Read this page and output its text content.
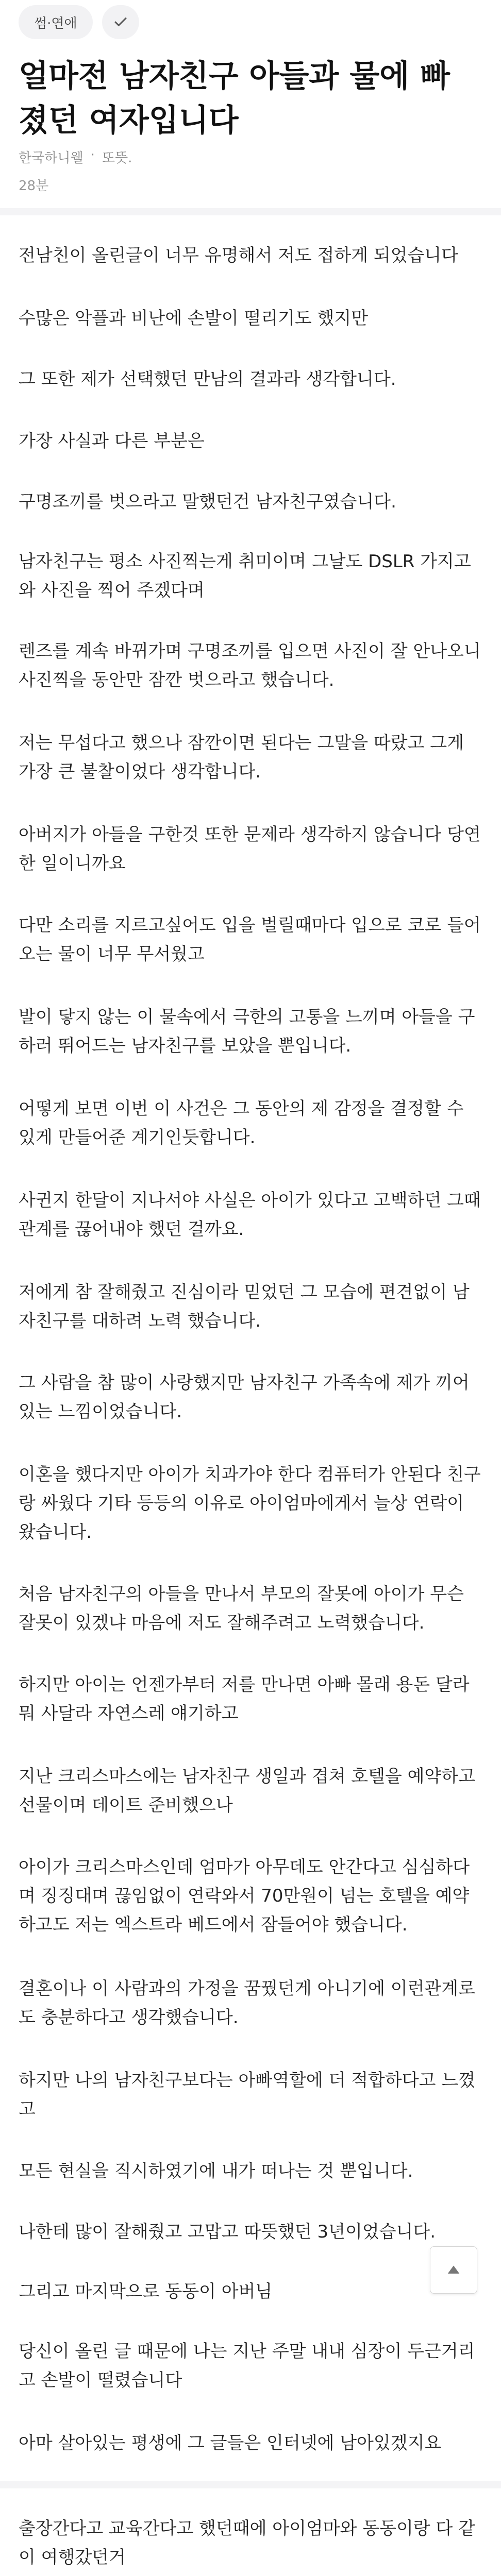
썸·연애
얼마전 남자친구 아들과 물에 빠졌던 여자입니다
한국하니웰 · 또뜻.
28분

전남친이 올린글이 너무 유명해서 저도 접하게 되었습니다

수많은 악플과 비난에 손발이 떨리기도 했지만

그 또한 제가 선택했던 만남의 결과라 생각합니다.

가장 사실과 다른 부분은

구명조끼를 벗으라고 말했던건 남자친구였습니다.

남자친구는 평소 사진찍는게 취미이며 그날도 DSLR 가지고 와 사진을 찍어 주겠다며

렌즈를 계속 바뀌가며 구명조끼를 입으면 사진이 잘 안나오니 사진찍을 동안만 잠깐 벗으라고 했습니다.

저는 무섭다고 했으나 잠깐이면 된다는 그말을 따랐고 그게 가장 큰 불찰이었다 생각합니다.

아버지가 아들을 구한것 또한 문제라 생각하지 않습니다 당연한 일이니까요

다만 소리를 지르고싶어도 입을 벌릴때마다 입으로 코로 들어오는 물이 너무 무서웠고

발이 닿지 않는 이 물속에서 극한의 고통을 느끼며 아들을 구하러 뛰어드는 남자친구를 보았을 뿐입니다.

어떻게 보면 이번 이 사건은 그 동안의 제 감정을 결정할 수 있게 만들어준 계기인듯합니다.

사귄지 한달이 지나서야 사실은 아이가 있다고 고백하던 그때 관계를 끊어내야 했던 걸까요.

저에게 참 잘해줬고 진심이라 믿었던 그 모습에 편견없이 남자친구를 대하려 노력 했습니다.

그 사람을 참 많이 사랑했지만 남자친구 가족속에 제가 끼어있는 느낌이었습니다.

이혼을 했다지만 아이가 치과가야 한다 컴퓨터가 안된다 친구랑 싸웠다 기타 등등의 이유로 아이엄마에게서 늘상 연락이 왔습니다.

처음 남자친구의 아들을 만나서 부모의 잘못에 아이가 무슨 잘못이 있겠냐 마음에 저도 잘해주려고 노력했습니다.

하지만 아이는 언젠가부터 저를 만나면 아빠 몰래 용돈 달라 뭐 사달라 자연스레 얘기하고

지난 크리스마스에는 남자친구 생일과 겹쳐 호텔을 예약하고 선물이며 데이트 준비했으나

아이가 크리스마스인데 엄마가 아무데도 안간다고 심심하다며 징징대며 끊임없이 연락와서 70만원이 넘는 호텔을 예약하고도 저는 엑스트라 베드에서 잠들어야 했습니다.

결혼이나 이 사람과의 가정을 꿈꿨던게 아니기에 이런관계로도 충분하다고 생각했습니다.

하지만 나의 남자친구보다는 아빠역할에 더 적합하다고 느꼈고

모든 현실을 직시하였기에 내가 떠나는 것 뿐입니다.

나한테 많이 잘해줬고 고맙고 따뜻했던 3년이었습니다.

그리고 마지막으로 동동이 아버님

당신이 올린 글 때문에 나는 지난 주말 내내 심장이 두근거리고 손발이 떨렸습니다

아마 살아있는 평생에 그 글들은 인터넷에 남아있겠지요

출장간다고 교육간다고 했던때에 아이엄마와 동동이랑 다 같이 여행갔던거
